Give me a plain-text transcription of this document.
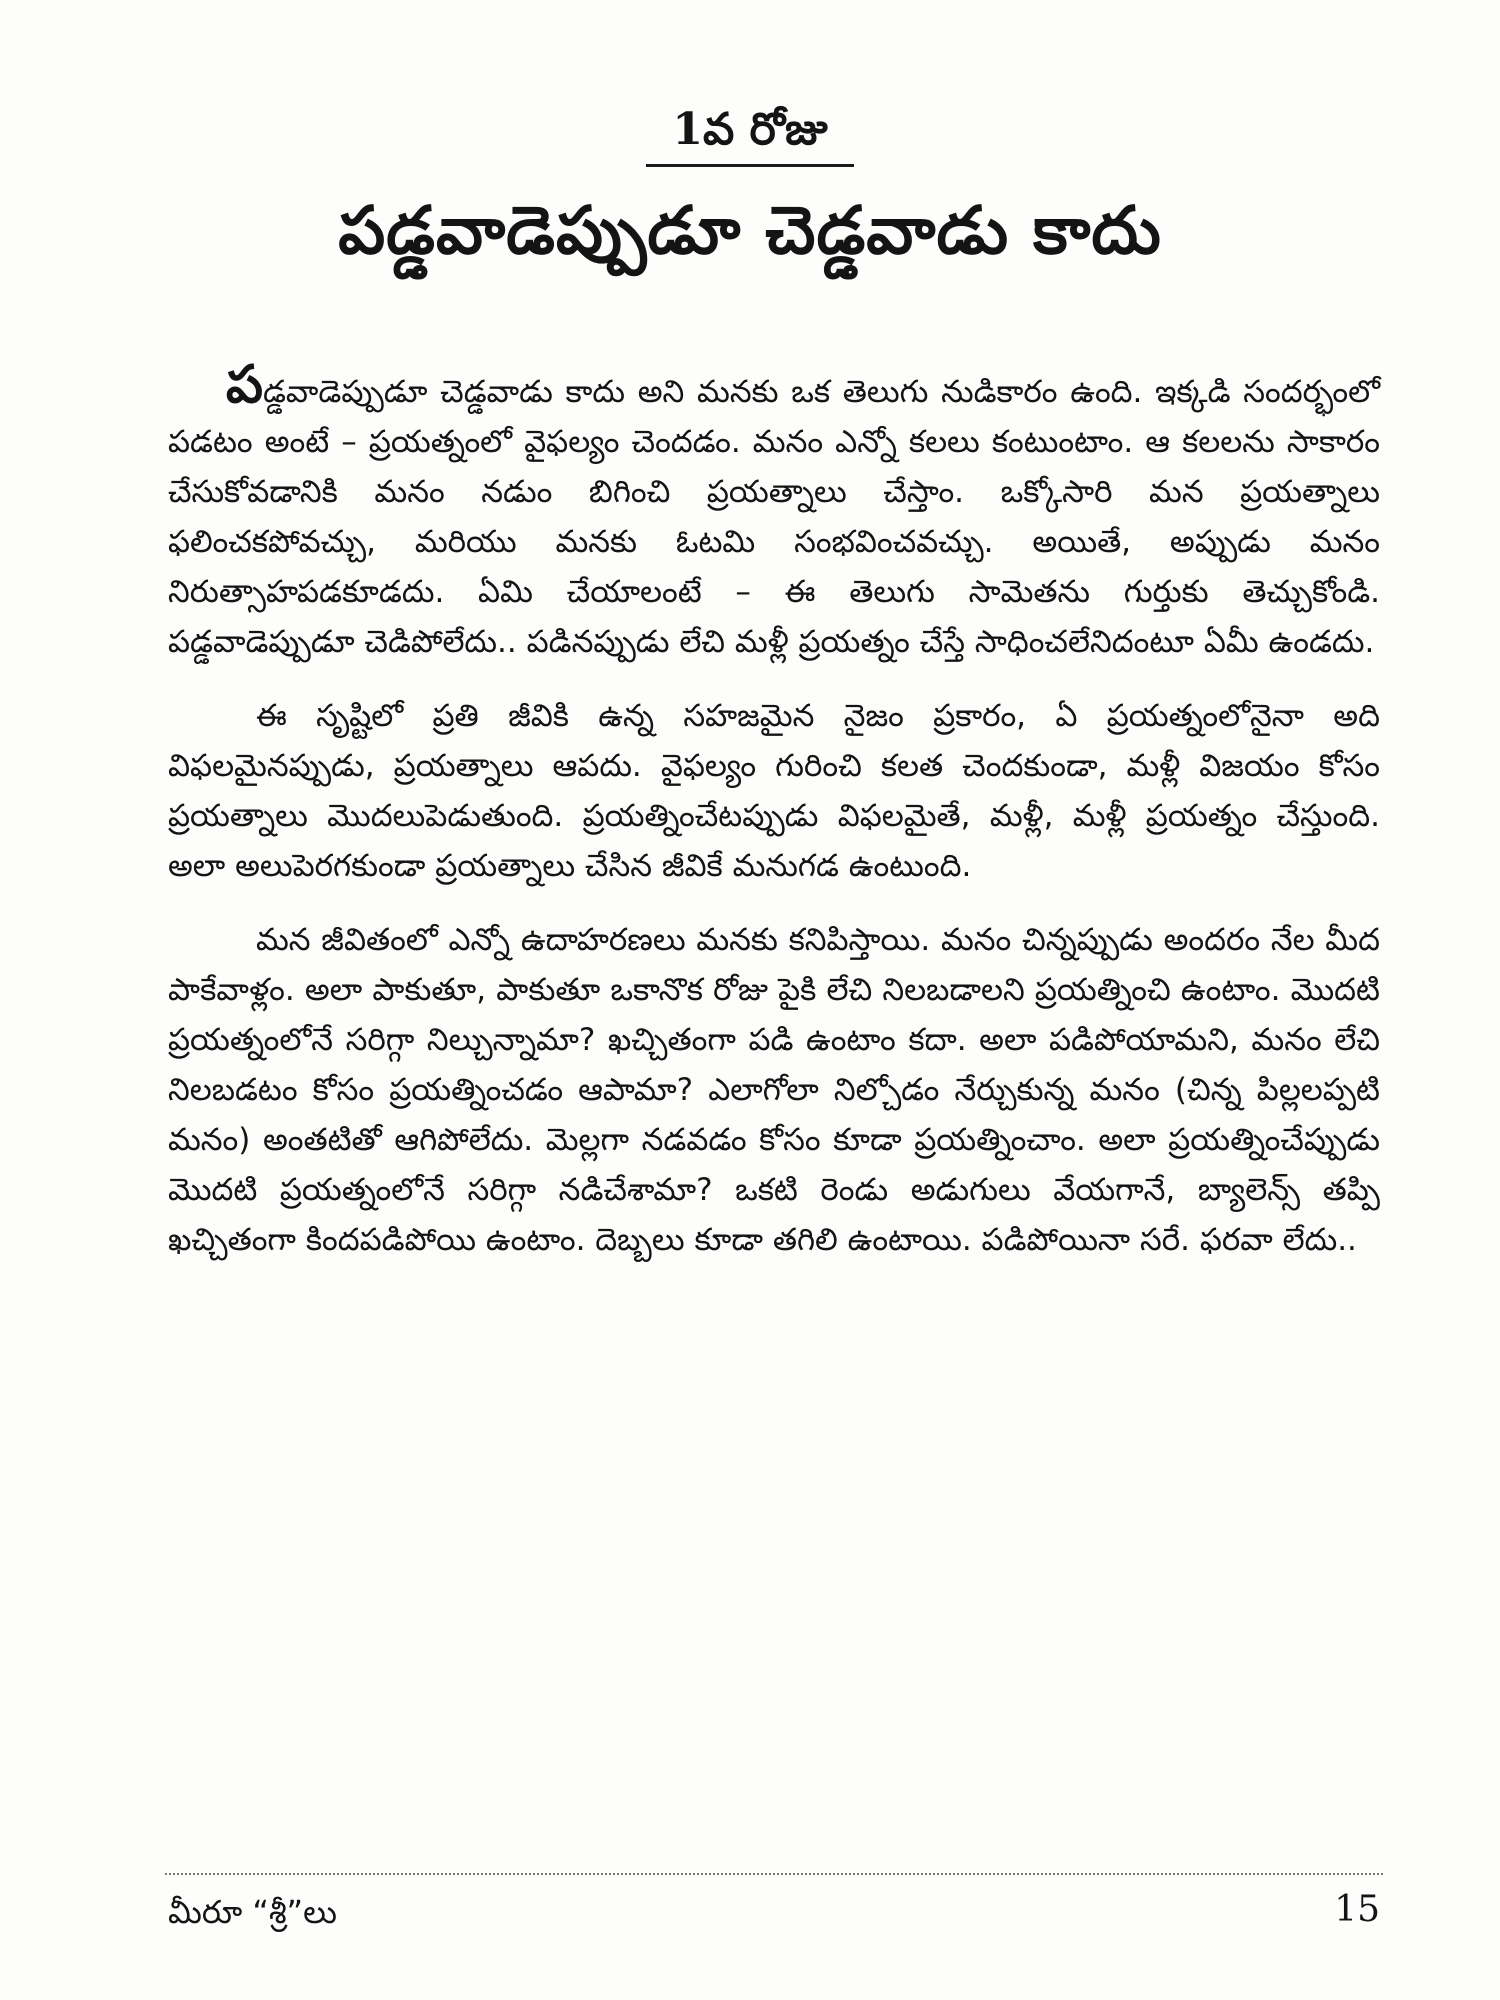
1వ రోజు
పడ్డవాడెప్పుడూ చెడ్డవాడు కాదు

పడ్డవాడెప్పుడూ చెడ్డవాడు కాదు అని మనకు ఒక తెలుగు నుడికారం ఉంది. ఇక్కడి సందర్భంలో పడటం అంటే – ప్రయత్నంలో వైఫల్యం చెందడం. మనం ఎన్నో కలలు కంటుంటాం. ఆ కలలను సాకారం చేసుకోవడానికి మనం నడుం బిగించి ప్రయత్నాలు చేస్తాం. ఒక్కోసారి మన ప్రయత్నాలు ఫలించకపోవచ్చు, మరియు మనకు ఓటమి సంభవించవచ్చు. అయితే, అప్పుడు మనం నిరుత్సాహపడకూడదు. ఏమి చేయాలంటే – ఈ తెలుగు సామెతను గుర్తుకు తెచ్చుకోండి. పడ్డవాడెప్పుడూ చెడిపోలేదు.. పడినప్పుడు లేచి మళ్లీ ప్రయత్నం చేస్తే సాధించలేనిదంటూ ఏమీ ఉండదు.

ఈ సృష్టిలో ప్రతి జీవికి ఉన్న సహజమైన నైజం ప్రకారం, ఏ ప్రయత్నంలోనైనా అది విఫలమైనప్పుడు, ప్రయత్నాలు ఆపదు. వైఫల్యం గురించి కలత చెందకుండా, మళ్లీ విజయం కోసం ప్రయత్నాలు మొదలుపెడుతుంది. ప్రయత్నించేటప్పుడు విఫలమైతే, మళ్లీ, మళ్లీ ప్రయత్నం చేస్తుంది. అలా అలుపెరగకుండా ప్రయత్నాలు చేసిన జీవికే మనుగడ ఉంటుంది.

మన జీవితంలో ఎన్నో ఉదాహరణలు మనకు కనిపిస్తాయి. మనం చిన్నప్పుడు అందరం నేల మీద పాకేవాళ్లం. అలా పాకుతూ, పాకుతూ ఒకానొక రోజు పైకి లేచి నిలబడాలని ప్రయత్నించి ఉంటాం. మొదటి ప్రయత్నంలోనే సరిగ్గా నిల్చున్నామా? ఖచ్చితంగా పడి ఉంటాం కదా. అలా పడిపోయామని, మనం లేచి నిలబడటం కోసం ప్రయత్నించడం ఆపామా? ఎలాగోలా నిల్చోడం నేర్చుకున్న మనం (చిన్న పిల్లలప్పటి మనం) అంతటితో ఆగిపోలేదు. మెల్లగా నడవడం కోసం కూడా ప్రయత్నించాం. అలా ప్రయత్నించేప్పుడు మొదటి ప్రయత్నంలోనే సరిగ్గా నడిచేశామా? ఒకటి రెండు అడుగులు వేయగానే, బ్యాలెన్స్ తప్పి ఖచ్చితంగా కిందపడిపోయి ఉంటాం. దెబ్బలు కూడా తగిలి ఉంటాయి. పడిపోయినా సరే. ఫరవా లేదు..

మీరూ “శ్రీ”లు	15
